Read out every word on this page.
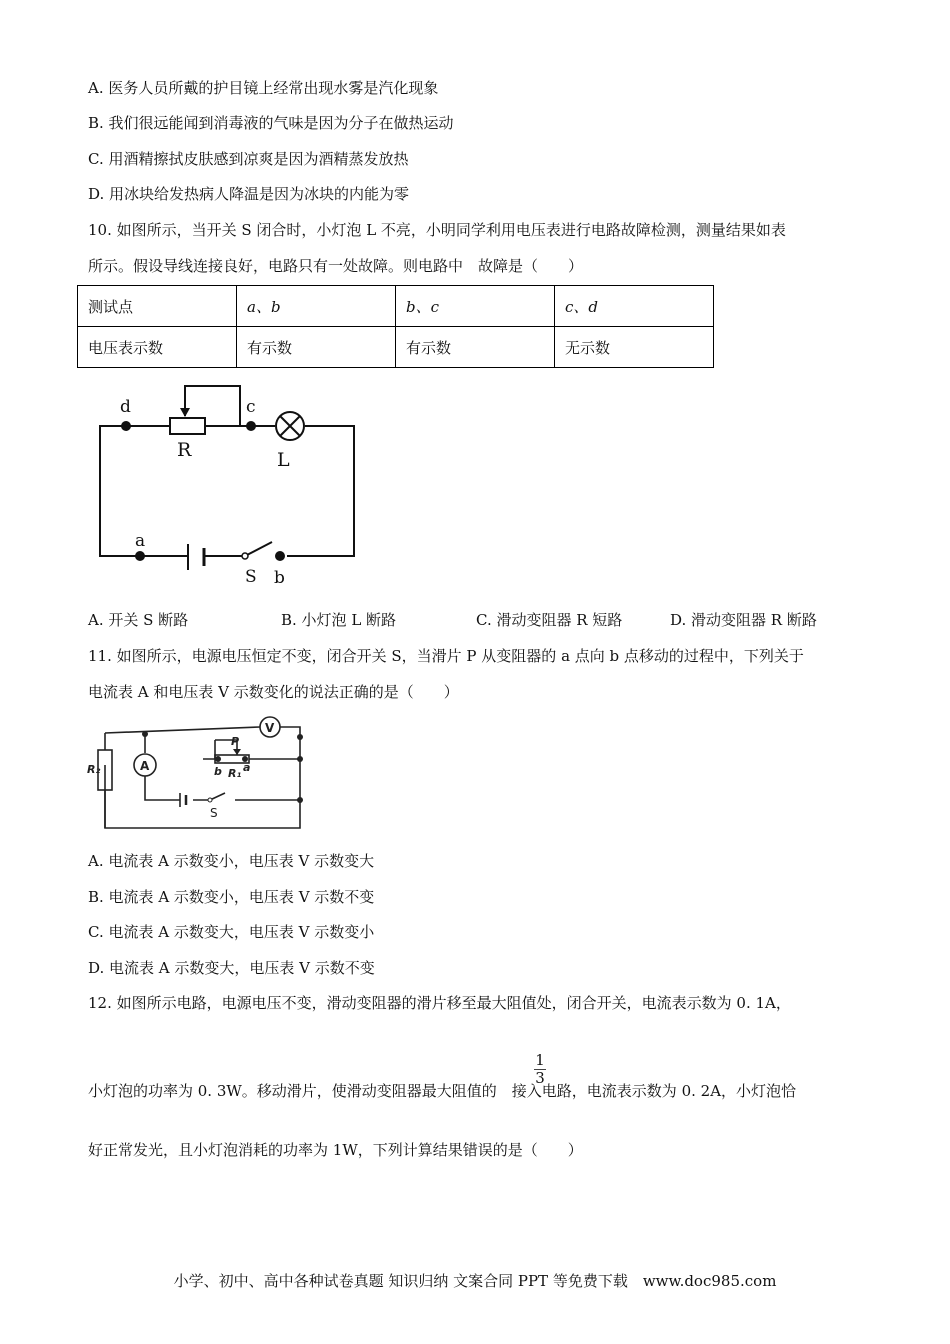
A. 医务人员所戴的护目镜上经常出现水雾是汽化现象
B. 我们很远能闻到消毒液的气味是因为分子在做热运动
C. 用酒精擦拭皮肤感到凉爽是因为酒精蒸发放热
D. 用冰块给发热病人降温是因为冰块的内能为零
10. 如图所示，当开关 S 闭合时，小灯泡 L 不亮，小明同学利用电压表进行电路故障检测，测量结果如表
所示。假设导线连接良好，电路只有一处故障。则电路中　故障是（　　）
测试点	a、b	b、c	c、d
电压表示数	有示数	有示数	无示数
d	c
R	L
a
S b
A. 开关 S 断路	B. 小灯泡 L 断路	C. 滑动变阻器 R 短路	D. 滑动变阻器 R 断路
11. 如图所示，电源电压恒定不变，闭合开关 S，当滑片 P 从变阻器的 a 点向 b 点移动的过程中，下列关于
电流表 A 和电压表 V 示数变化的说法正确的是（　　）
V
A
P
b R₁ a
R₂
S
A. 电流表 A 示数变小，电压表 V 示数变大
B. 电流表 A 示数变小，电压表 V 示数不变
C. 电流表 A 示数变大，电压表 V 示数变小
D. 电流表 A 示数变大，电压表 V 示数不变
12. 如图所示电路，电源电压不变，滑动变阻器的滑片移至最大阻值处，闭合开关，电流表示数为 0. 1A，
$\frac{1}{3}$
小灯泡的功率为 0. 3W。移动滑片，使滑动变阻器最大阻值的　接入电路，电流表示数为 0. 2A，小灯泡恰
好正常发光，且小灯泡消耗的功率为 1W，下列计算结果错误的是（　　）
小学、初中、高中各种试卷真题 知识归纳 文案合同 PPT 等免费下载　www.doc985.com
